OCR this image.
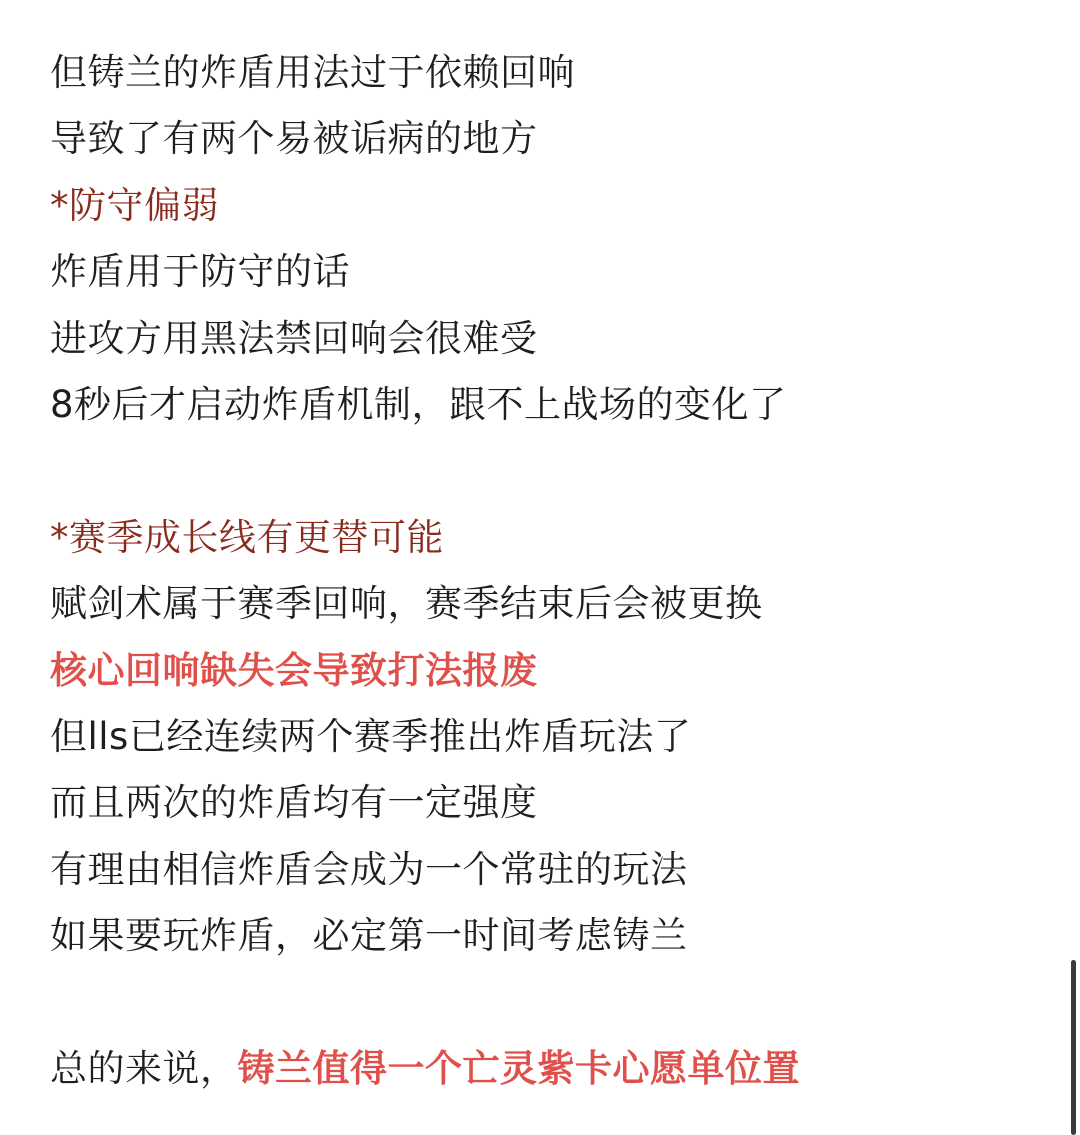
但铸兰的炸盾用法过于依赖回响
导致了有两个易被诟病的地方
*防守偏弱
炸盾用于防守的话
进攻方用黑法禁回响会很难受
8秒后才启动炸盾机制，跟不上战场的变化了
*赛季成长线有更替可能
赋剑术属于赛季回响，赛季结束后会被更换
核心回响缺失会导致打法报废
但lls已经连续两个赛季推出炸盾玩法了
而且两次的炸盾均有一定强度
有理由相信炸盾会成为一个常驻的玩法
如果要玩炸盾，必定第一时间考虑铸兰
总的来说，铸兰值得一个亡灵紫卡心愿单位置
